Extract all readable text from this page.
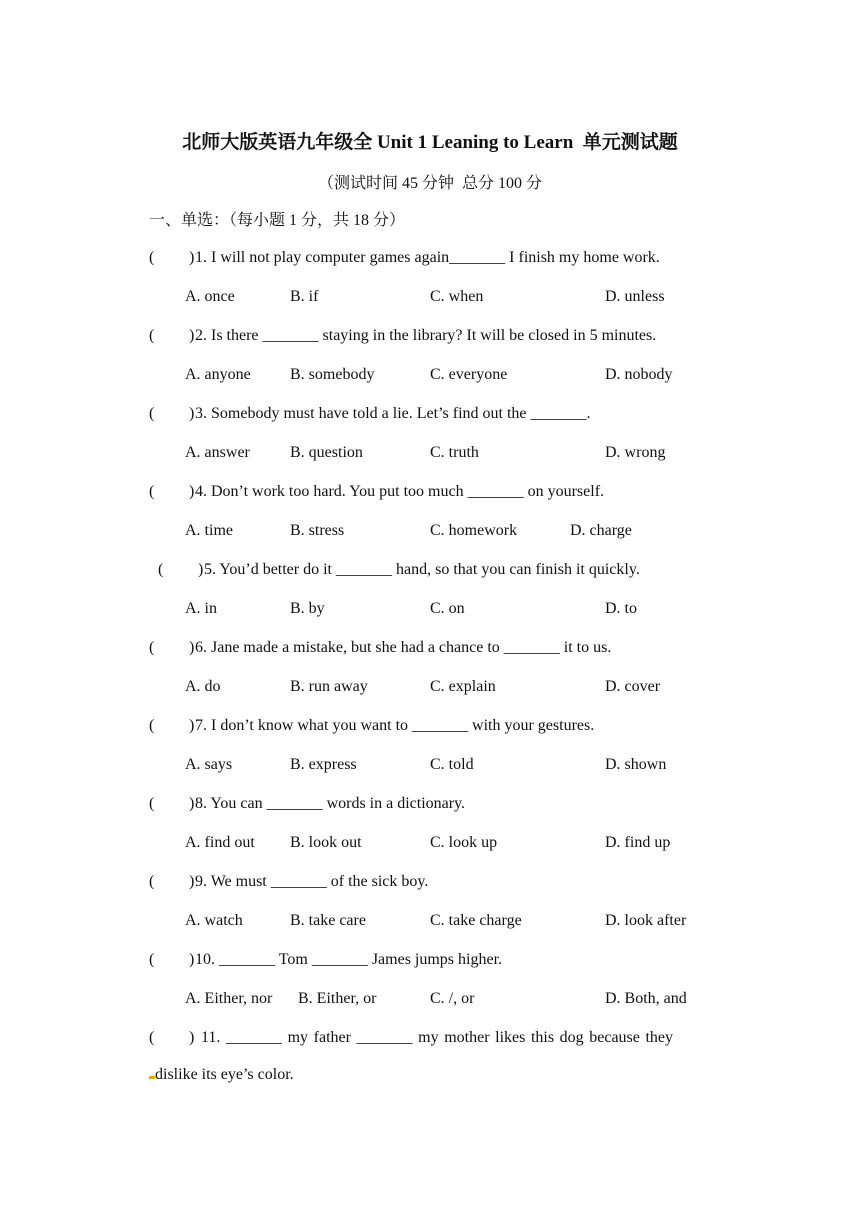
北师大版英语九年级全 Unit 1 Leaning to Learn  单元测试题
（测试时间 45 分钟  总分 100 分
一、单选：（每小题 1 分，共 18 分）
( ) 1. I will not play computer games again_______ I finish my home work.
A. once	B. if	C. when	D. unless
( ) 2. Is there _______ staying in the library? It will be closed in 5 minutes.
A. anyone B. somebody	C. everyone	D. nobody
( ) 3. Somebody must have told a lie. Let’s find out the _______.
A. answer	B. question	C. truth	D. wrong
( ) 4. Don’t work too hard. You put too much _______ on yourself.
A. time	B. stress	C. homework	D. charge
( ) 5. You’d better do it _______ hand, so that you can finish it quickly.
A. in	B. by	C. on	D. to
( ) 6. Jane made a mistake, but she had a chance to _______ it to us.
A. do	B. run away	C. explain	D. cover
( ) 7. I don’t know what you want to _______ with your gestures.
A. says	B. express	C. told	D. shown
( ) 8. You can _______ words in a dictionary.
A. find out B. look out	C. look up	D. find up
( ) 9. We must _______ of the sick boy.
A. watch	B. take care	C. take charge	D. look after
( ) 10. _______ Tom _______ James jumps higher.
A. Either, nor B. Either, or	C. /, or	D. Both, and
( ) 11. _______ my father _______ my mother likes this dog because they
dislike its eye’s color.
